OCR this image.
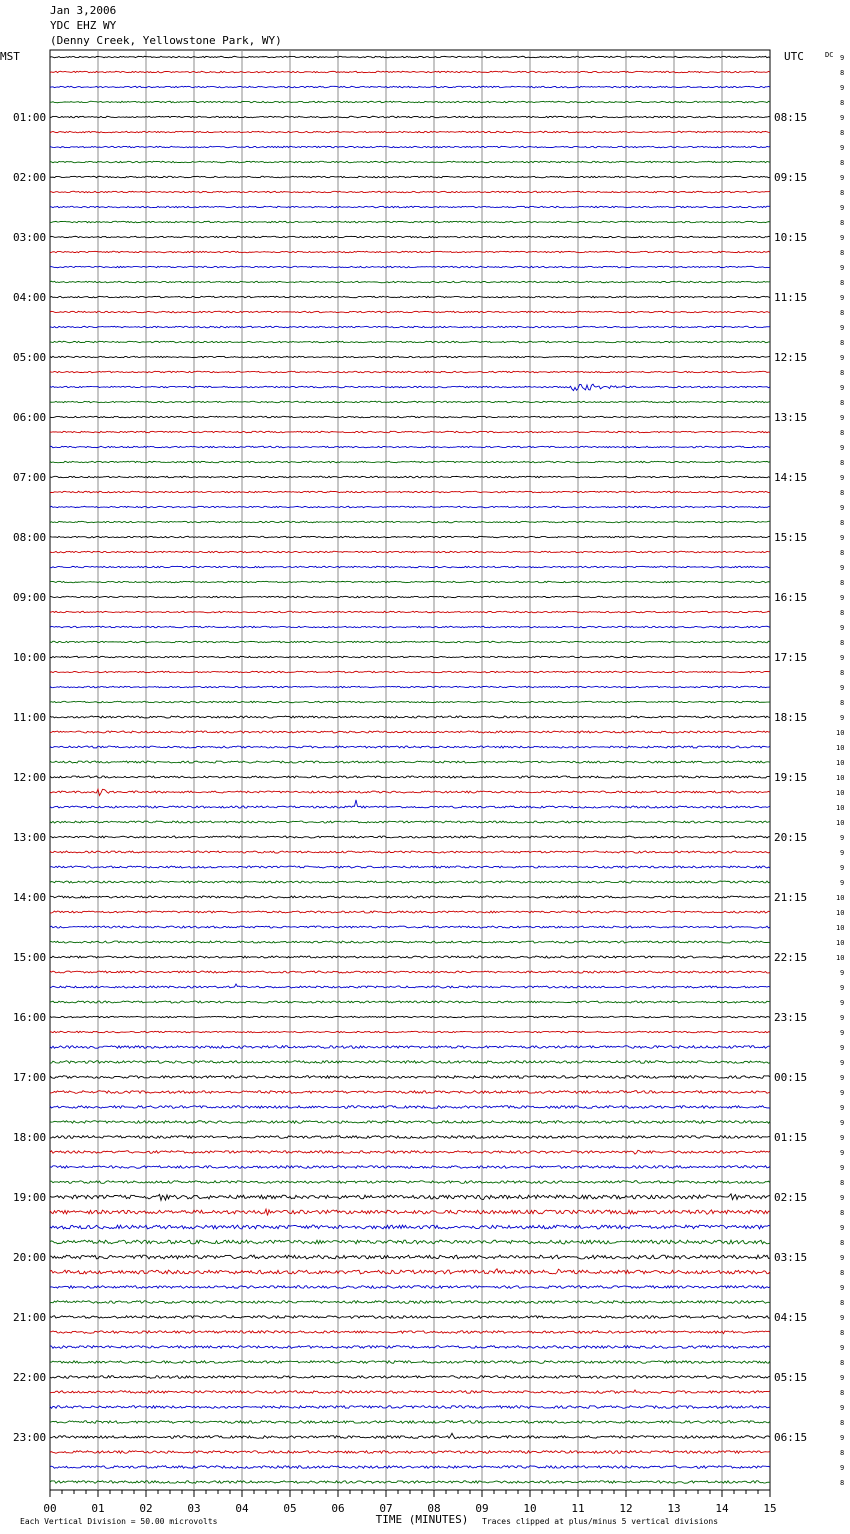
Jan 3,2006
YDC EHZ WY
(Denny Creek, Yellowstone Park, WY)
MST	UTC	DC
01:00
02:00
03:00
04:00
05:00
06:00
07:00
08:00
09:00
10:00
11:00
12:00
13:00
14:00
15:00
16:00
17:00
18:00
19:00
20:00
21:00
22:00
23:00
08:15
09:15
10:15
11:15
12:15
13:15
14:15
15:15
16:15
17:15
18:15
19:15
20:15
21:15
22:15
23:15
00:15
01:15
02:15
03:15
04:15
05:15
06:15
9
8
9
8
9
8
9
8
9
8
9
8
9
8
9
8
9
8
9
8
9
8
9
8
9
8
9
8
9
8
9
8
9
8
9
8
9
8
9
8
9
8
9
8
9
10
10
10
10
10
10
10
9
9
9
9
10
10
10
10
10
9
9
9
9
9
9
9
9
9
9
9
9
9
9
8
9
8
9
8
9
8
9
8
9
8
9
8
9
8
9
8
9
8
9
8
00	01	02	03	04	05	06	07	08	09	10	11	12	13	14	15
TIME (MINUTES)
Each Vertical Division = 50.00 microvolts	Traces clipped at plus/minus 5 vertical divisions
